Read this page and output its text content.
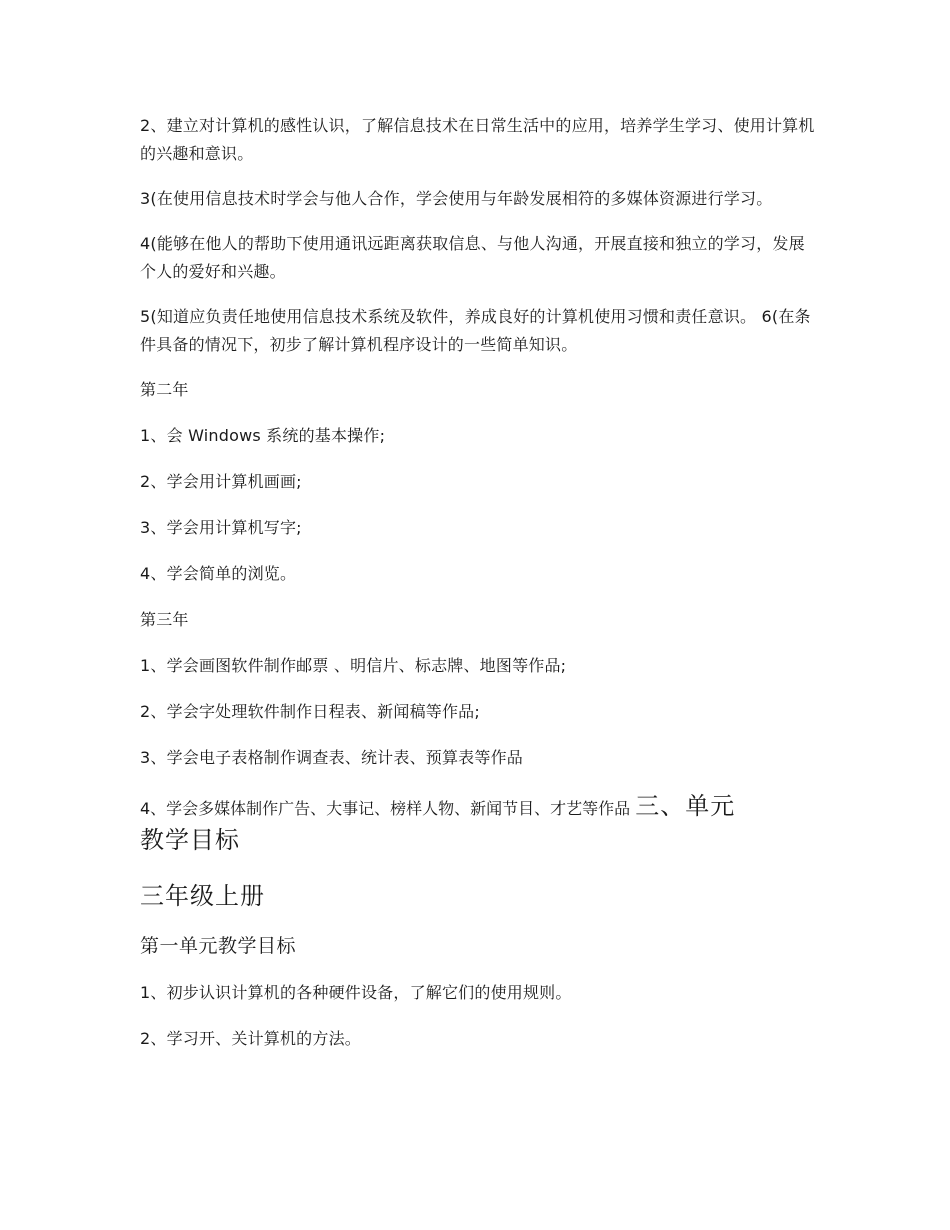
2、建立对计算机的感性认识，了解信息技术在日常生活中的应用，培养学生学习、使用计算机的兴趣和意识。

3(在使用信息技术时学会与他人合作，学会使用与年龄发展相符的多媒体资源进行学习。

4(能够在他人的帮助下使用通讯远距离获取信息、与他人沟通，开展直接和独立的学习，发展个人的爱好和兴趣。

5(知道应负责任地使用信息技术系统及软件，养成良好的计算机使用习惯和责任意识。 6(在条件具备的情况下，初步了解计算机程序设计的一些简单知识。

第二年

1、会 Windows 系统的基本操作;

2、学会用计算机画画;

3、学会用计算机写字;

4、学会简单的浏览。

第三年

1、学会画图软件制作邮票 、明信片、标志牌、地图等作品;

2、学会字处理软件制作日程表、新闻稿等作品;

3、学会电子表格制作调查表、统计表、预算表等作品

4、学会多媒体制作广告、大事记、榜样人物、新闻节目、才艺等作品 三、单元
教学目标

三年级上册

第一单元教学目标

1、初步认识计算机的各种硬件设备，了解它们的使用规则。

2、学习开、关计算机的方法。
